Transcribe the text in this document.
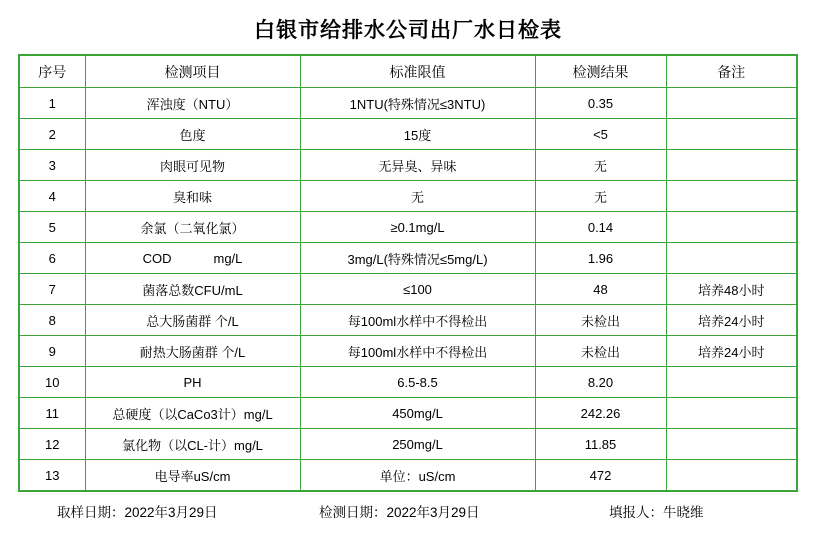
白银市给排水公司出厂水日检表
序号	检测项目	标准限值	检测结果	备注
1	浑浊度（NTU）	1NTU(特殊情况≤3NTU)	0.35	
2	色度	15度	<5	
3	肉眼可见物	无异臭、异味	无	
4	臭和味	无	无	
5	余氯（二氧化氯）	≥0.1mg/L	0.14	
6	COD mg/L	3mg/L(特殊情况≤5mg/L)	1.96	
7	菌落总数CFU/mL	≤100	48	培养48小时
8	总大肠菌群 个/L	每100ml水样中不得检出	未检出	培养24小时
9	耐热大肠菌群 个/L	每100ml水样中不得检出	未检出	培养24小时
10	PH	6.5-8.5	8.20	
11	总硬度（以CaCo3计）mg/L	450mg/L	242.26	
12	氯化物（以CL-计）mg/L	250mg/L	11.85	
13	电导率uS/cm	单位：uS/cm	472	
取样日期：2022年3月29日	检测日期：2022年3月29日	填报人：牛晓维
